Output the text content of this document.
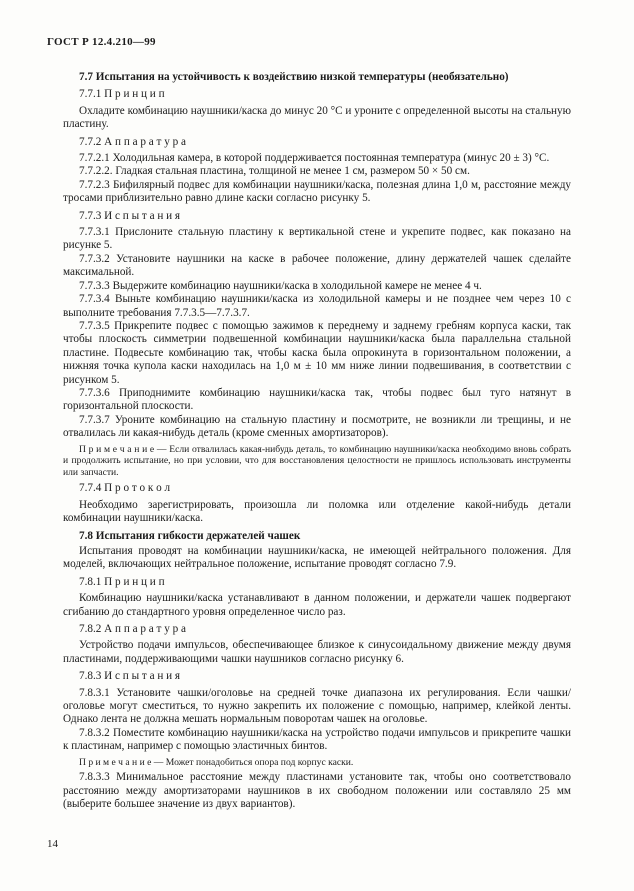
ГОСТ Р 12.4.210—99

7.7 Испытания на устойчивость к воздействию низкой температуры (необязательно)

7.7.1 П р и н ц и п

Охладите комбинацию наушники/каска до минус 20 °С и уроните с определенной высоты на стальную пластину.

7.7.2 А п п а р а т у р а

7.7.2.1 Холодильная камера, в которой поддерживается постоянная температура (минус 20 ± 3) °С.

7.7.2.2. Гладкая стальная пластина, толщиной не менее 1 см, размером 50 × 50 см.

7.7.2.3 Бифилярный подвес для комбинации наушники/каска, полезная длина 1,0 м, расстояние между тросами приблизительно равно длине каски согласно рисунку 5.

7.7.3 И с п ы т а н и я

7.7.3.1 Прислоните стальную пластину к вертикальной стене и укрепите подвес, как показано на рисунке 5.

7.7.3.2 Установите наушники на каске в рабочее положение, длину держателей чашек сделайте максимальной.

7.7.3.3 Выдержите комбинацию наушники/каска в холодильной камере не менее 4 ч.

7.7.3.4 Выньте комбинацию наушники/каска из холодильной камеры и не позднее чем через 10 с выполните требования 7.7.3.5—7.7.3.7.

7.7.3.5 Прикрепите подвес с помощью зажимов к переднему и заднему гребням корпуса каски, так чтобы плоскость симметрии подвешенной комбинации наушники/каска была параллельна стальной пластине. Подвесьте комбинацию так, чтобы каска была опрокинута в горизонтальном положении, а нижняя точка купола каски находилась на 1,0 м ± 10 мм ниже линии подвешивания, в соответствии с рисунком 5.

7.7.3.6 Приподнимите комбинацию наушники/каска так, чтобы подвес был туго натянут в горизонтальной плоскости.

7.7.3.7 Уроните комбинацию на стальную пластину и посмотрите, не возникли ли трещины, и не отвалилась ли какая-нибудь деталь (кроме сменных амортизаторов).

П р и м е ч а н и е — Если отвалилась какая-нибудь деталь, то комбинацию наушники/каска необходимо вновь собрать и продолжить испытание, но при условии, что для восстановления целостности не пришлось использовать инструменты или запчасти.

7.7.4 П р о т о к о л

Необходимо зарегистрировать, произошла ли поломка или отделение какой-нибудь детали комбинации наушники/каска.

7.8 Испытания гибкости держателей чашек

Испытания проводят на комбинации наушники/каска, не имеющей нейтрального положения. Для моделей, включающих нейтральное положение, испытание проводят согласно 7.9.

7.8.1 П р и н ц и п

Комбинацию наушники/каска устанавливают в данном положении, и держатели чашек подвергают сгибанию до стандартного уровня определенное число раз.

7.8.2 А п п а р а т у р а

Устройство подачи импульсов, обеспечивающее близкое к синусоидальному движение между двумя пластинами, поддерживающими чашки наушников согласно рисунку 6.

7.8.3 И с п ы т а н и я

7.8.3.1 Установите чашки/оголовье на средней точке диапазона их регулирования. Если чашки/оголовье могут сместиться, то нужно закрепить их положение с помощью, например, клейкой ленты. Однако лента не должна мешать нормальным поворотам чашек на оголовье.

7.8.3.2 Поместите комбинацию наушники/каска на устройство подачи импульсов и прикрепите чашки к пластинам, например с помощью эластичных бинтов.

П р и м е ч а н и е — Может понадобиться опора под корпус каски.

7.8.3.3 Минимальное расстояние между пластинами установите так, чтобы оно соответствовало расстоянию между амортизаторами наушников в их свободном положении или составляло 25 мм (выберите большее значение из двух вариантов).

14
